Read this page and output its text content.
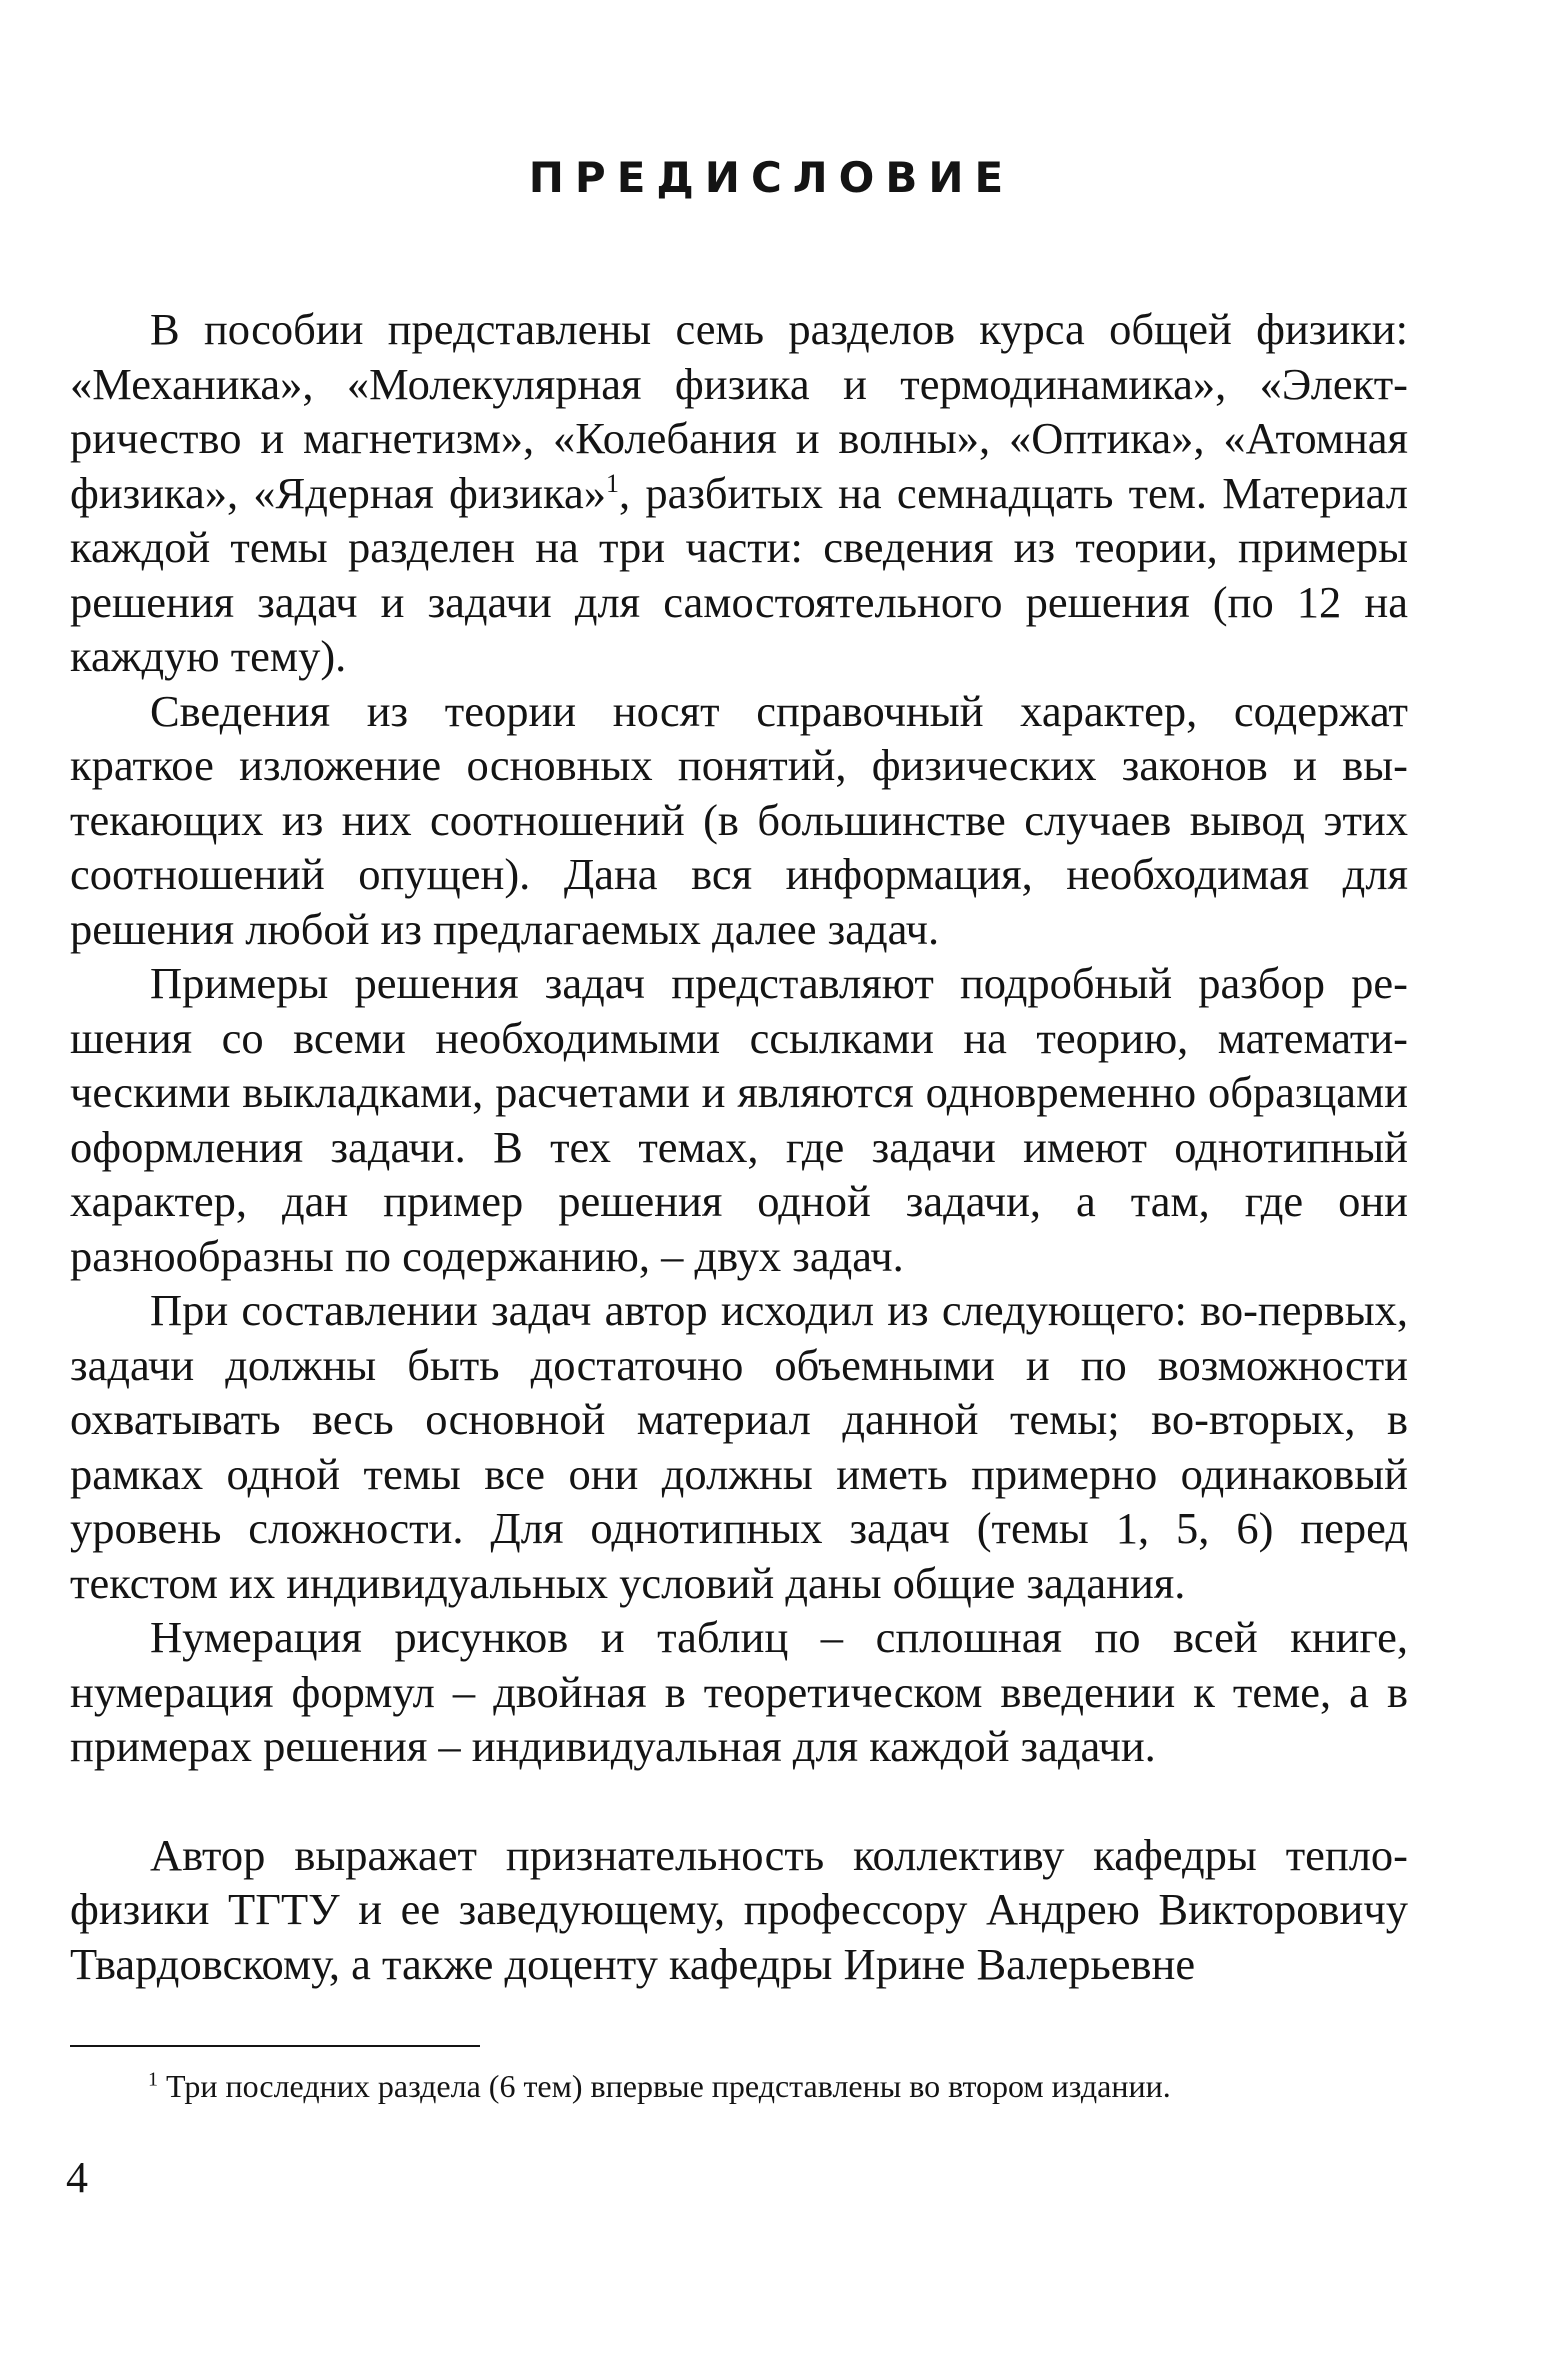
ПРЕДИСЛОВИЕ

В пособии представлены семь разделов курса общей физики: «Механика», «Молекулярная физика и термодинамика», «Электричество и магнетизм», «Колебания и волны», «Оптика», «Атомная физика», «Ядерная физика»$^1$, разбитых на семнадцать тем. Материал каждой темы разделен на три части: сведения из теории, примеры решения задач и задачи для самостоятельного решения (по 12 на каждую тему).

Сведения из теории носят справочный характер, содержат краткое изложение основных понятий, физических законов и вытекающих из них соотношений (в большинстве случаев вывод этих соотношений опущен). Дана вся информация, необходимая для решения любой из предлагаемых далее задач.

Примеры решения задач представляют подробный разбор решения со всеми необходимыми ссылками на теорию, математическими выкладками, расчетами и являются одновременно образцами оформления задачи. В тех темах, где задачи имеют однотипный характер, дан пример решения одной задачи, а там, где они разнообразны по содержанию, – двух задач.

При составлении задач автор исходил из следующего: во-первых, задачи должны быть достаточно объемными и по возможности охватывать весь основной материал данной темы; во-вторых, в рамках одной темы все они должны иметь примерно одинаковый уровень сложности. Для однотипных задач (темы 1, 5, 6) перед текстом их индивидуальных условий даны общие задания.

Нумерация рисунков и таблиц – сплошная по всей книге, нумерация формул – двойная в теоретическом введении к теме, а в примерах решения – индивидуальная для каждой задачи.

Автор выражает признательность коллективу кафедры теплофизики ТГТУ и ее заведующему, профессору Андрею Викторовичу Твардовскому, а также доценту кафедры Ирине Валерьевне

$^1$ Три последних раздела (6 тем) впервые представлены во втором издании.

4
